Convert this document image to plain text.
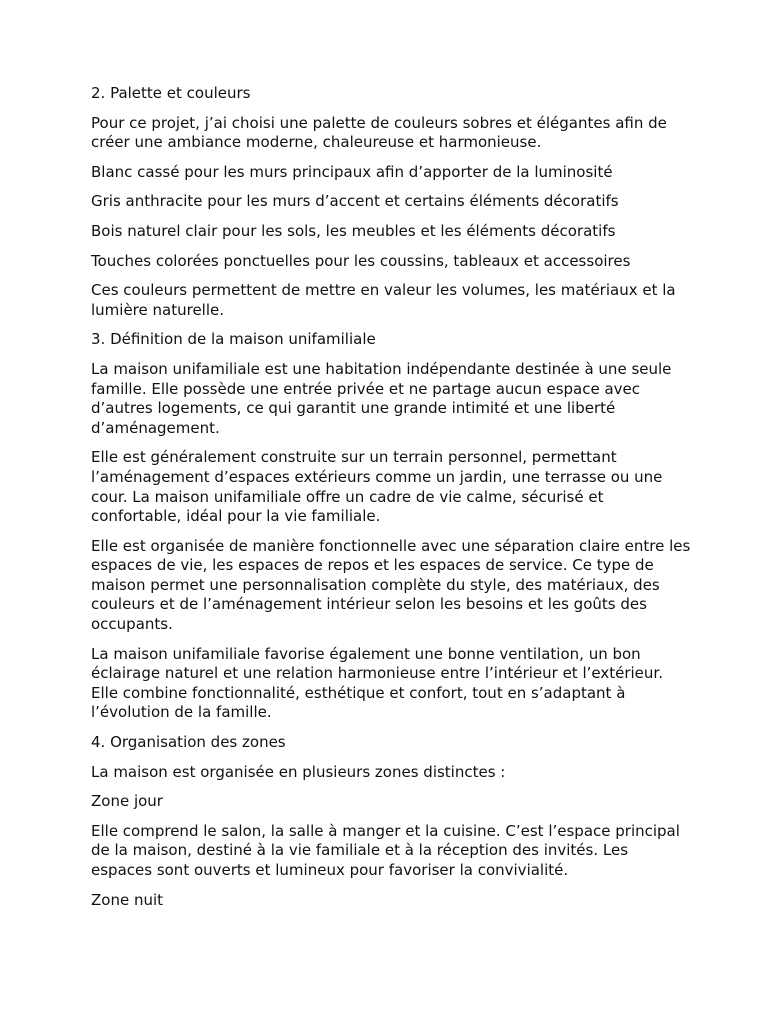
2. Palette et couleurs

Pour ce projet, j’ai choisi une palette de couleurs sobres et élégantes afin de créer une ambiance moderne, chaleureuse et harmonieuse.

Blanc cassé pour les murs principaux afin d’apporter de la luminosité

Gris anthracite pour les murs d’accent et certains éléments décoratifs

Bois naturel clair pour les sols, les meubles et les éléments décoratifs

Touches colorées ponctuelles pour les coussins, tableaux et accessoires

Ces couleurs permettent de mettre en valeur les volumes, les matériaux et la lumière naturelle.

3. Définition de la maison unifamiliale

La maison unifamiliale est une habitation indépendante destinée à une seule famille. Elle possède une entrée privée et ne partage aucun espace avec d’autres logements, ce qui garantit une grande intimité et une liberté d’aménagement.

Elle est généralement construite sur un terrain personnel, permettant l’aménagement d’espaces extérieurs comme un jardin, une terrasse ou une cour. La maison unifamiliale offre un cadre de vie calme, sécurisé et confortable, idéal pour la vie familiale.

Elle est organisée de manière fonctionnelle avec une séparation claire entre les espaces de vie, les espaces de repos et les espaces de service. Ce type de maison permet une personnalisation complète du style, des matériaux, des couleurs et de l’aménagement intérieur selon les besoins et les goûts des occupants.

La maison unifamiliale favorise également une bonne ventilation, un bon éclairage naturel et une relation harmonieuse entre l’intérieur et l’extérieur. Elle combine fonctionnalité, esthétique et confort, tout en s’adaptant à l’évolution de la famille.

4. Organisation des zones

La maison est organisée en plusieurs zones distinctes :

Zone jour

Elle comprend le salon, la salle à manger et la cuisine. C’est l’espace principal de la maison, destiné à la vie familiale et à la réception des invités. Les espaces sont ouverts et lumineux pour favoriser la convivialité.

Zone nuit
